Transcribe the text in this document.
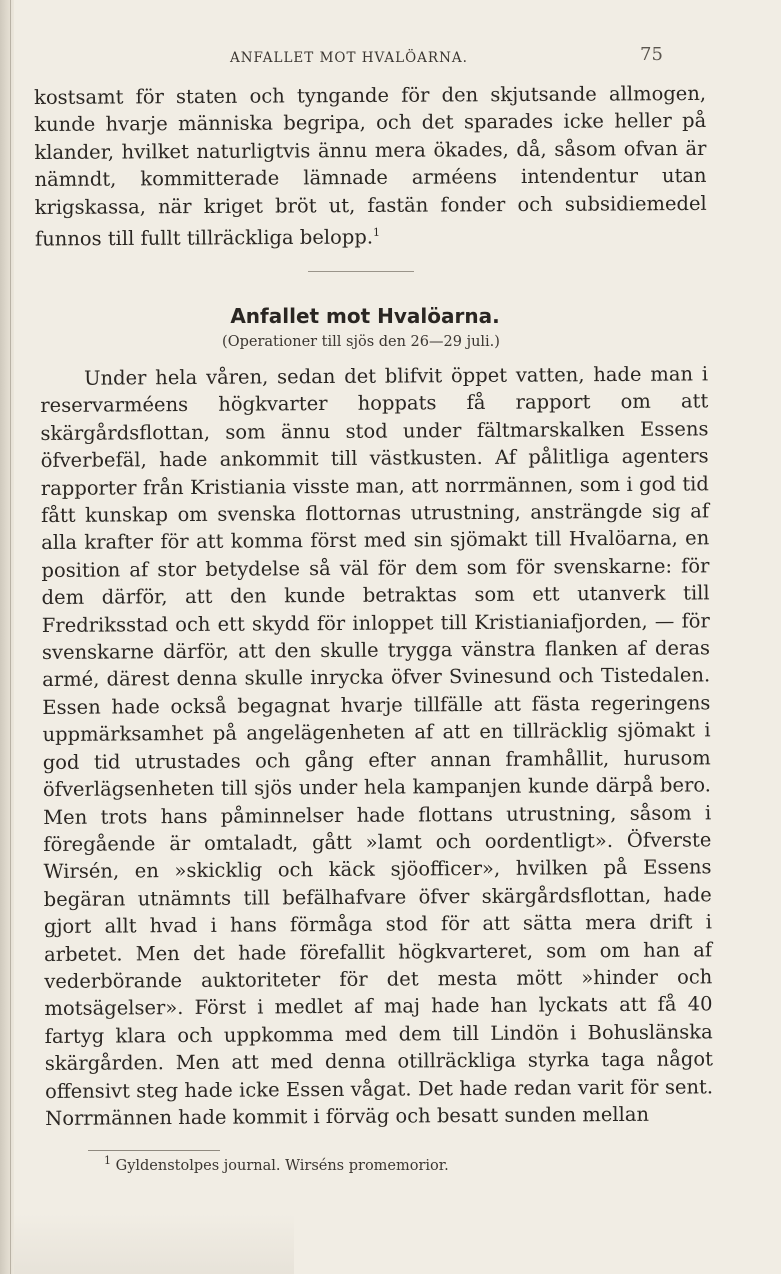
ANFALLET MOT HVALÖARNA.	75

kostsamt för staten och tyngande för den skjutsande allmogen, kunde hvarje människa begripa, och det sparades icke heller på klander, hvilket naturligtvis ännu mera ökades, då, såsom ofvan är nämndt, kommitterade lämnade arméens intendentur utan krigskassa, när kriget bröt ut, fastän fonder och subsidiemedel funnos till fullt tillräckliga belopp.$^1$

Anfallet mot Hvalöarna.

(Operationer till sjös den 26—29 juli.)

Under hela våren, sedan det blifvit öppet vatten, hade man i reservarméens högkvarter hoppats få rapport om att skärgårdsflottan, som ännu stod under fältmarskalken Essens öfverbefäl, hade ankommit till västkusten. Af pålitliga agenters rapporter från Kristiania visste man, att norrmännen, som i god tid fått kunskap om svenska flottornas utrustning, ansträngde sig af alla krafter för att komma först med sin sjömakt till Hvalöarna, en position af stor betydelse så väl för dem som för svenskarne: för dem därför, att den kunde betraktas som ett utanverk till Fredriksstad och ett skydd för inloppet till Kristianiafjorden, — för svenskarne därför, att den skulle trygga vänstra flanken af deras armé, därest denna skulle inrycka öfver Svinesund och Tistedalen. Essen hade också begagnat hvarje tillfälle att fästa regeringens uppmärksamhet på angelägenheten af att en tillräcklig sjömakt i god tid utrustades och gång efter annan framhållit, hurusom öfverlägsenheten till sjös under hela kampanjen kunde därpå bero. Men trots hans påminnelser hade flottans utrustning, såsom i föregående är omtaladt, gått »lamt och oordentligt». Öfverste Wirsén, en »skicklig och käck sjöofficer», hvilken på Essens begäran utnämnts till befälhafvare öfver skärgårdsflottan, hade gjort allt hvad i hans förmåga stod för att sätta mera drift i arbetet. Men det hade förefallit högkvarteret, som om han af vederbörande auktoriteter för det mesta mött »hinder och motsägelser». Först i medlet af maj hade han lyckats att få 40 fartyg klara och uppkomma med dem till Lindön i Bohuslänska skärgården. Men att med denna otillräckliga styrka taga något offensivt steg hade icke Essen vågat. Det hade redan varit för sent. Norrmännen hade kommit i förväg och besatt sunden mellan

$^1$ Gyldenstolpes journal. Wirséns promemorior.
